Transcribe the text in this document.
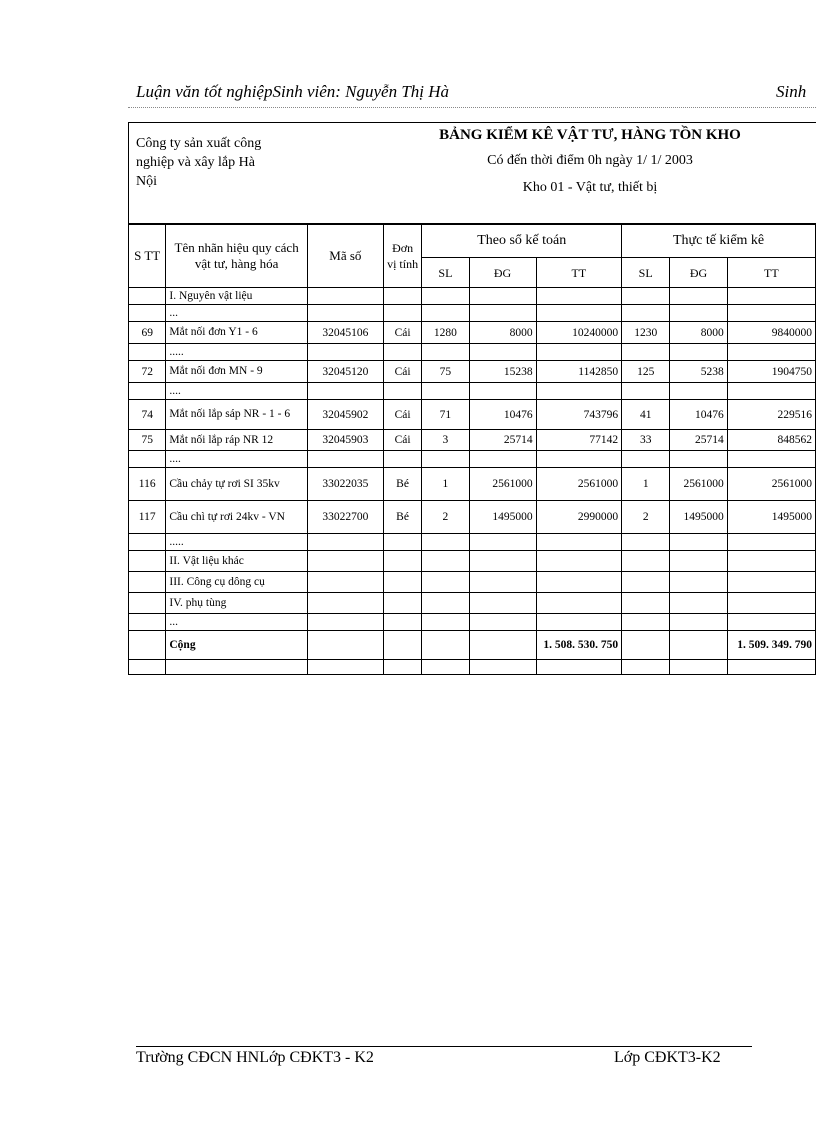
Luận văn tốt nghiệpSinh viên: Nguyễn Thị Hà	Sinh
Công ty sản xuất công
nghiệp và xây lắp Hà
Nội
BẢNG KIỂM KÊ VẬT TƯ, HÀNG TỒN KHO
Có đến thời điểm 0h ngày 1/ 1/ 2003
Kho 01 - Vật tư, thiết bị
S TT	Tên nhãn hiệu quy cách vật tư, hàng hóa	Mã số	Đơn vị tính	Theo sổ kế toán			Thực tế kiểm kê		
				SL	ĐG	TT	SL	ĐG	TT
	I. Nguyên vật liệu								
	...								
69	Mắt nối đơn Y1 - 6	32045106	Cái	1280	8000	10240000	1230	8000	9840000
	.....								
72	Mắt nối đơn MN - 9	32045120	Cái	75	15238	1142850	125	5238	1904750
	....								
74	Mắt nối lắp sáp NR - 1 - 6	32045902	Cái	71	10476	743796	41	10476	229516
75	Mắt nối lắp ráp NR 12	32045903	Cái	3	25714	77142	33	25714	848562
	....								
116	Cầu chảy tự rơi SI 35kv	33022035	Bé	1	2561000	2561000	1	2561000	2561000
117	Cầu chì tự rơi 24kv - VN	33022700	Bé	2	1495000	2990000	2	1495000	1495000
	.....								
	II. Vật liệu khác								
	III. Công cụ dông cụ								
	IV. phụ tùng								
	...								
	Cộng					1. 508. 530. 750			1. 509. 349. 790

Trường CĐCN HNLớp CĐKT3 - K2	Lớp CĐKT3-K2
